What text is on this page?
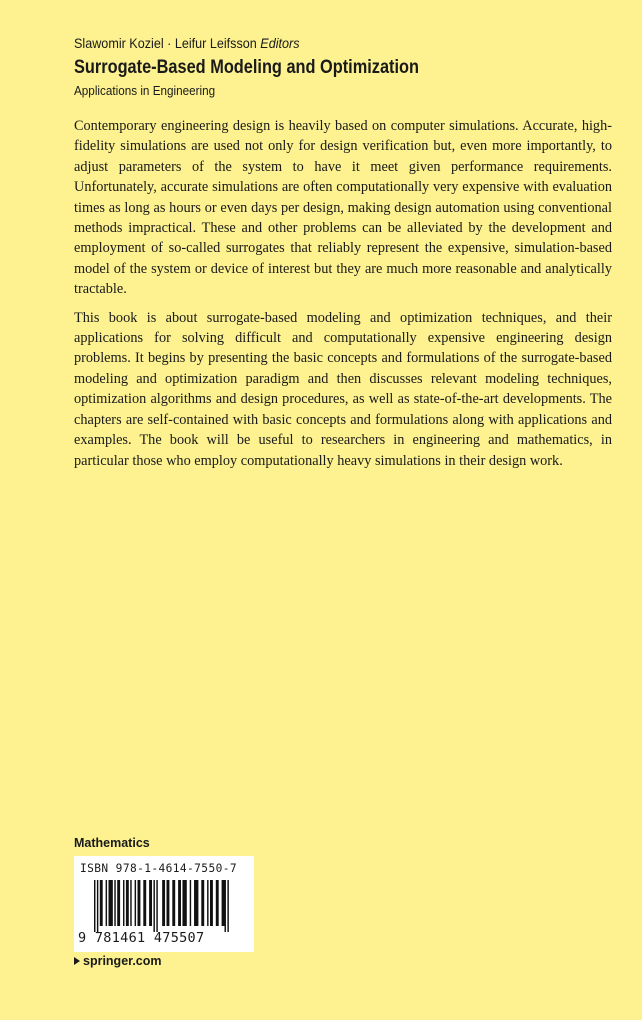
Slawomir Koziel · Leifur Leifsson Editors
Surrogate-Based Modeling and Optimization
Applications in Engineering

Contemporary engineering design is heavily based on computer simulations. Accurate, high-fidelity simulations are used not only for design verification but, even more importantly, to adjust parameters of the system to have it meet given performance requirements. Unfortunately, accurate simulations are often computationally very expensive with evaluation times as long as hours or even days per design, making design automation using conventional methods impractical. These and other problems can be alleviated by the development and employment of so-called surrogates that reliably represent the expensive, simulation-based model of the system or device of interest but they are much more reasonable and analytically tractable.

This book is about surrogate-based modeling and optimization techniques, and their applications for solving difficult and computationally expensive engineering design problems. It begins by presenting the basic concepts and formulations of the surrogate-based modeling and optimization paradigm and then discusses relevant modeling techniques, optimization algorithms and design procedures, as well as state-of-the-art developments. The chapters are self-contained with basic concepts and formulations along with applications and examples. The book will be useful to researchers in engineering and mathematics, in particular those who employ computationally heavy simulations in their design work.

Mathematics
ISBN 978-1-4614-7550-7
9 781461 475507
springer.com
